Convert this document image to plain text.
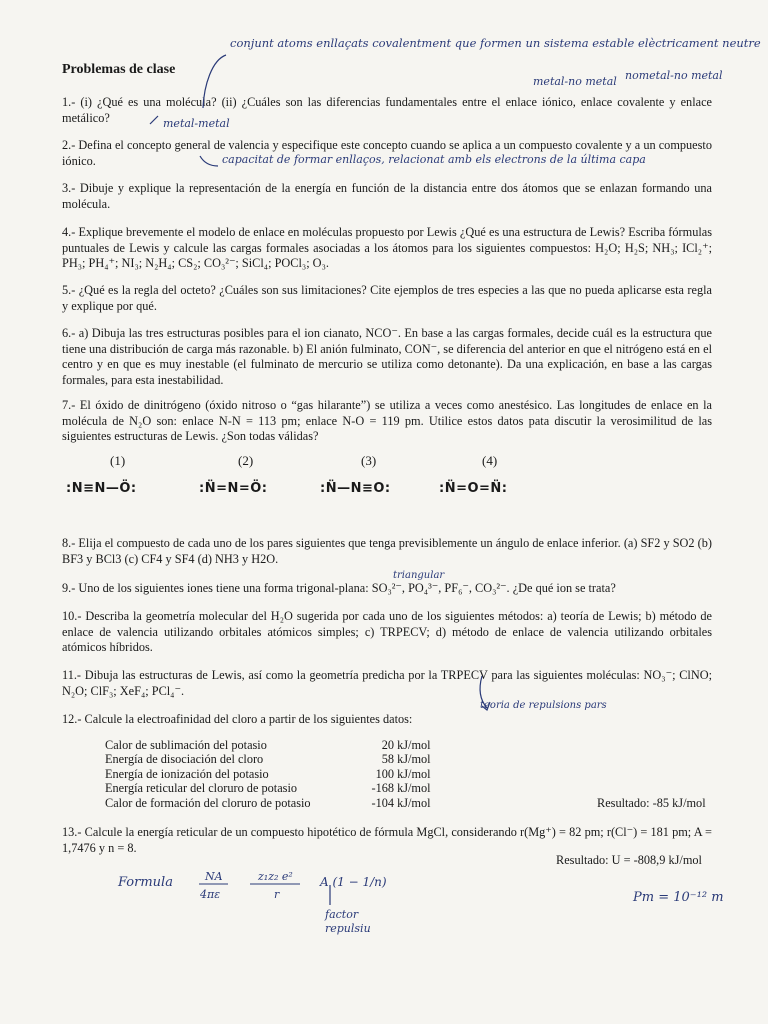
Problemas de clase
1.- (i) ¿Qué es una molécula? (ii) ¿Cuáles son las diferencias fundamentales entre el enlace iónico, enlace covalente y enlace metálico?
2.- Defina el concepto general de valencia y especifique este concepto cuando se aplica a un compuesto covalente y a un compuesto iónico.
3.- Dibuje y explique la representación de la energía en función de la distancia entre dos átomos que se enlazan formando una molécula.
4.- Explique brevemente el modelo de enlace en moléculas propuesto por Lewis ¿Qué es una estructura de Lewis? Escriba fórmulas puntuales de Lewis y calcule las cargas formales asociadas a los átomos para los siguientes compuestos: H₂O; H₂S; NH₃; ICl₂⁺; PH₃; PH₄⁺; NI₃; N₂H₄; CS₂; CO₃²⁻; SiCl₄; POCl₃; O₃.
5.- ¿Qué es la regla del octeto? ¿Cuáles son sus limitaciones? Cite ejemplos de tres especies a las que no pueda aplicarse esta regla y explique por qué.
6.- a) Dibuja las tres estructuras posibles para el ion cianato, NCO⁻. En base a las cargas formales, decide cuál es la estructura que tiene una distribución de carga más razonable. b) El anión fulminato, CON⁻, se diferencia del anterior en que el nitrógeno está en el centro y en que es muy inestable (el fulminato de mercurio se utiliza como detonante). Da una explicación, en base a las cargas formales, para esta inestabilidad.
7.- El óxido de dinitrógeno (óxido nitroso o “gas hilarante”) se utiliza a veces como anestésico. Las longitudes de enlace en la molécula de N₂O son: enlace N-N = 113 pm; enlace N-O = 119 pm. Utilice estos datos pata discutir la verosimilitud de las siguientes estructuras de Lewis. ¿Son todas válidas?
(1)	(2)	(3)	(4)
:N≡N—Ö:	:N̈=N=Ö:	:N̈—N≡O:	:N̈=O=N̈:
8.- Elija el compuesto de cada uno de los pares siguientes que tenga previsiblemente un ángulo de enlace inferior. (a) SF2 y SO2 (b) BF3 y BCl3 (c) CF4 y SF4 (d) NH3 y H2O.
9.- Uno de los siguientes iones tiene una forma trigonal-plana: SO₃²⁻, PO₄³⁻, PF₆⁻, CO₃²⁻. ¿De qué ion se trata?
10.- Describa la geometría molecular del H₂O sugerida por cada uno de los siguientes métodos: a) teoría de Lewis; b) método de enlace de valencia utilizando orbitales atómicos simples; c) TRPECV; d) método de enlace de valencia utilizando orbitales atómicos híbridos.
11.- Dibuja las estructuras de Lewis, así como la geometría predicha por la TRPECV para las siguientes moléculas: NO₃⁻; ClNO; N₂O; ClF₃; XeF₄; PCl₄⁻.
12.- Calcule la electroafinidad del cloro a partir de los siguientes datos:
Calor de sublimación del potasio	20 kJ/mol
Energía de disociación del cloro	58 kJ/mol
Energía de ionización del potasio	100 kJ/mol
Energía reticular del cloruro de potasio	-168 kJ/mol
Calor de formación del cloruro de potasio	-104 kJ/mol	Resultado: -85 kJ/mol
13.- Calcule la energía reticular de un compuesto hipotético de fórmula MgCl, considerando r(Mg⁺) = 82 pm; r(Cl⁻) = 181 pm; A = 1,7476 y n = 8.
Resultado: U = -808,9 kJ/mol
conjunt atoms enllaçats covalentment que formen un sistema estable elèctricament neutre
metal-no metal nometal-no metal
metal-metal
capacitat de formar enllaços, relacionat amb els electrons de la última capa
triangular
teoria de repulsions pars
Formula	NA
4πε
z₁z₂ e²
r
A (1 − 1/n)
factor repulsiu
Pm = 10⁻¹² m
